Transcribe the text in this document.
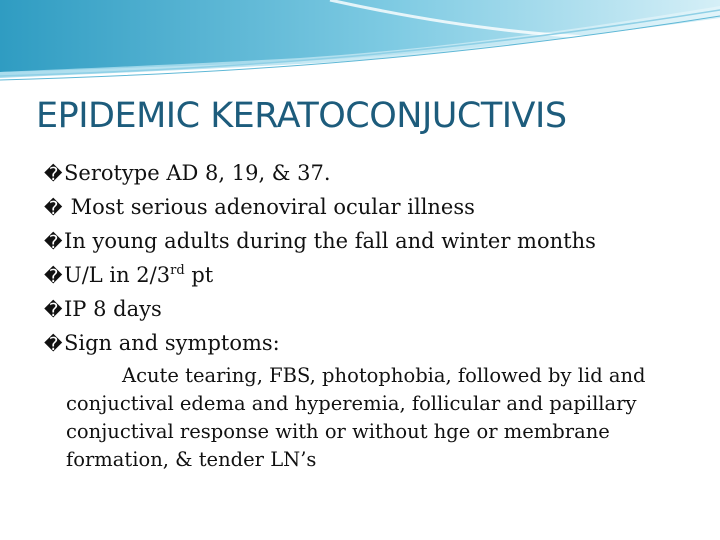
EPIDEMIC KERATOCONJUCTIVIS
�Serotype AD 8, 19, & 37.
� Most serious adenoviral ocular illness
�In young adults during the fall and winter months
�U/L in 2/3rd pt
�IP 8 days
�Sign and symptoms:

Acute tearing, FBS, photophobia, followed by lid and conjuctival edema and hyperemia, follicular and papillary conjuctival response with or without hge or membrane formation, & tender LN’s
